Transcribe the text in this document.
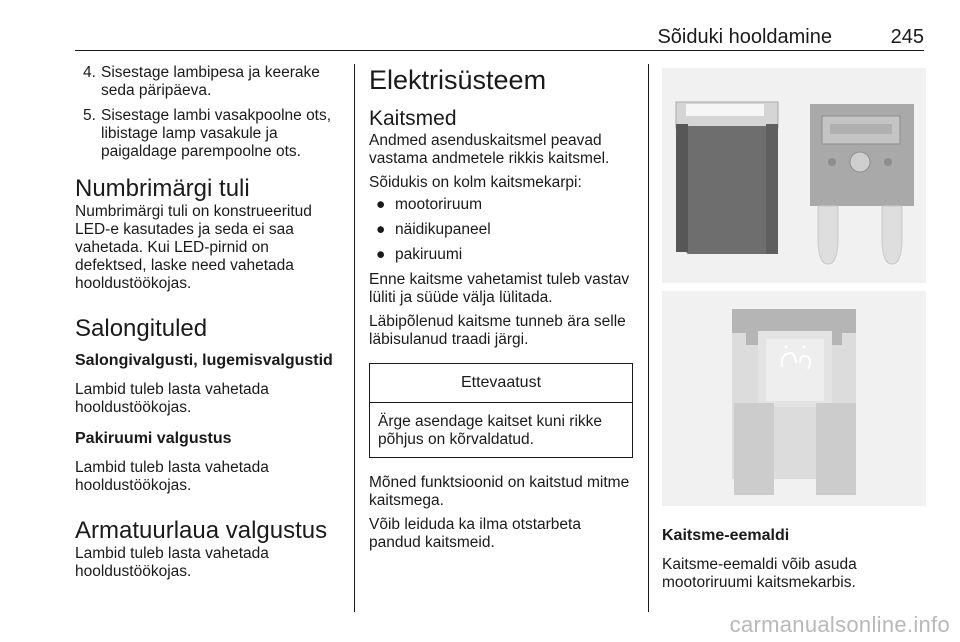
Sõiduki hooldamine	245
4. Sisestage lambipesa ja keerake seda päripäeva.
5. Sisestage lambi vasakpoolne ots, libistage lamp vasakule ja paigaldage parempoolne ots.
Numbrimärgi tuli

Numbrimärgi tuli on konstrueeritud LED-e kasutades ja seda ei saa vahetada. Kui LED-pirnid on defektsed, laske need vahetada hooldustöökojas.

Salongituled
Salongivalgusti, lugemisvalgustid

Lambid tuleb lasta vahetada hooldustöökojas.

Pakiruumi valgustus

Lambid tuleb lasta vahetada hooldustöökojas.

Armatuurlaua valgustus

Lambid tuleb lasta vahetada hooldustöökojas.

Elektrisüsteem
Kaitsmed

Andmed asenduskaitsmel peavad vastama andmetele rikkis kaitsmel.

Sõidukis on kolm kaitsmekarpi:

● mootoriruum
● näidikupaneel
● pakiruumi

Enne kaitsme vahetamist tuleb vastav lüliti ja süüde välja lülitada.

Läbipõlenud kaitsme tunneb ära selle läbisulanud traadi järgi.

Ettevaatust

Ärge asendage kaitset kuni rikke põhjus on kõrvaldatud.

Mõned funktsioonid on kaitstud mitme kaitsmega.

Võib leiduda ka ilma otstarbeta pandud kaitsmeid.	Kaitsme-eemaldi

Kaitsme-eemaldi võib asuda mootoriruumi kaitsmekarbis.

carmanualsonline.info
